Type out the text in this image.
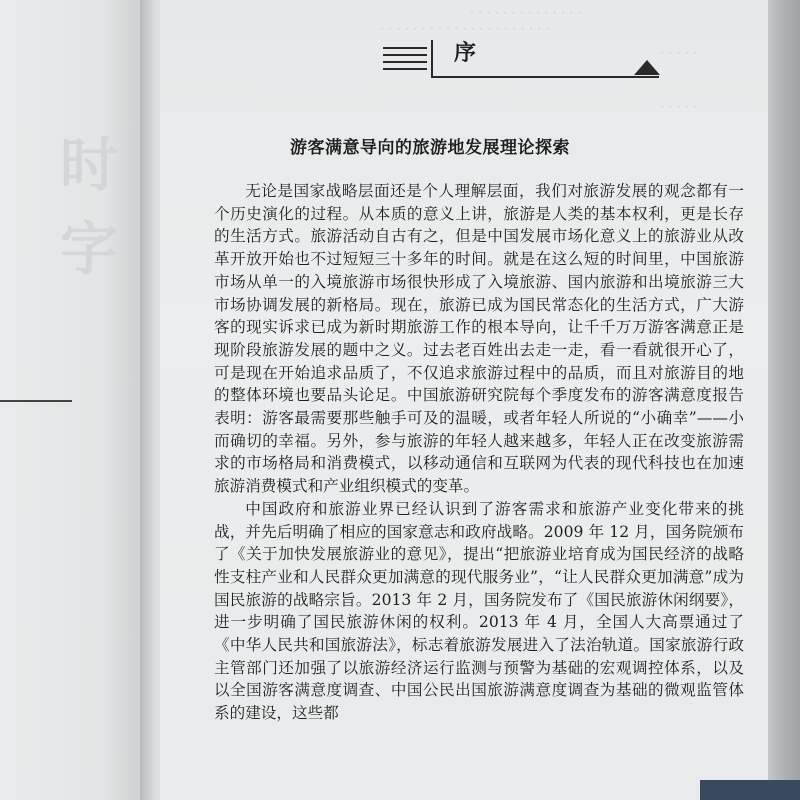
时字
· · · · · · · · · · · · · ·
· · · · · · · · · · · · · · · · · · · · ·
· · · · ·
· · · · ·
序
游客满意导向的旅游地发展理论探索

无论是国家战略层面还是个人理解层面，我们对旅游发展的观念都有一个历史演化的过程。从本质的意义上讲，旅游是人类的基本权利，更是长存的生活方式。旅游活动自古有之，但是中国发展市场化意义上的旅游业从改革开放开始也不过短短三十多年的时间。就是在这么短的时间里，中国旅游市场从单一的入境旅游市场很快形成了入境旅游、国内旅游和出境旅游三大市场协调发展的新格局。现在，旅游已成为国民常态化的生活方式，广大游客的现实诉求已成为新时期旅游工作的根本导向，让千千万万游客满意正是现阶段旅游发展的题中之义。过去老百姓出去走一走，看一看就很开心了，可是现在开始追求品质了，不仅追求旅游过程中的品质，而且对旅游目的地的整体环境也要品头论足。中国旅游研究院每个季度发布的游客满意度报告表明：游客最需要那些触手可及的温暖，或者年轻人所说的“小确幸”——小而确切的幸福。另外，参与旅游的年轻人越来越多，年轻人正在改变旅游需求的市场格局和消费模式，以移动通信和互联网为代表的现代科技也在加速旅游消费模式和产业组织模式的变革。

中国政府和旅游业界已经认识到了游客需求和旅游产业变化带来的挑战，并先后明确了相应的国家意志和政府战略。2009 年 12 月，国务院颁布了《关于加快发展旅游业的意见》，提出“把旅游业培育成为国民经济的战略性支柱产业和人民群众更加满意的现代服务业”，“让人民群众更加满意”成为国民旅游的战略宗旨。2013 年 2 月，国务院发布了《国民旅游休闲纲要》，进一步明确了国民旅游休闲的权利。2013 年 4 月，全国人大高票通过了《中华人民共和国旅游法》，标志着旅游发展进入了法治轨道。国家旅游行政主管部门还加强了以旅游经济运行监测与预警为基础的宏观调控体系，以及以全国游客满意度调查、中国公民出国旅游满意度调查为基础的微观监管体系的建设，这些都
